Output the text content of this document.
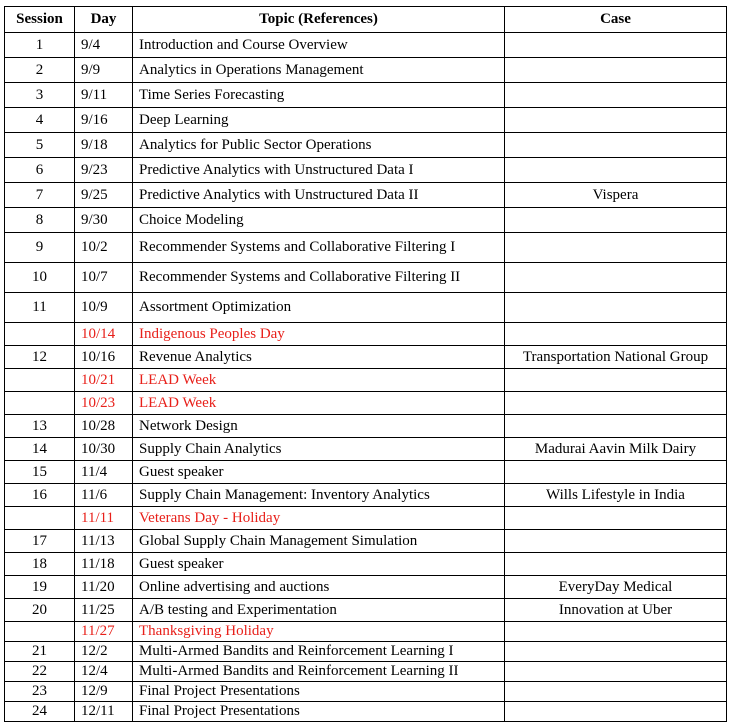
Session	Day	Topic (References)	Case
1	9/4	Introduction and Course Overview	
2	9/9	Analytics in Operations Management	
3	9/11	Time Series Forecasting	
4	9/16	Deep Learning	
5	9/18	Analytics for Public Sector Operations	
6	9/23	Predictive Analytics with Unstructured Data I	
7	9/25	Predictive Analytics with Unstructured Data II	Vispera
8	9/30	Choice Modeling	
9	10/2	Recommender Systems and Collaborative Filtering I	
10	10/7	Recommender Systems and Collaborative Filtering II	
11	10/9	Assortment Optimization	
	10/14	Indigenous Peoples Day	
12	10/16	Revenue Analytics	Transportation National Group
	10/21	LEAD Week	
	10/23	LEAD Week	
13	10/28	Network Design	
14	10/30	Supply Chain Analytics	Madurai Aavin Milk Dairy
15	11/4	Guest speaker	
16	11/6	Supply Chain Management: Inventory Analytics	Wills Lifestyle in India
	11/11	Veterans Day - Holiday	
17	11/13	Global Supply Chain Management Simulation	
18	11/18	Guest speaker	
19	11/20	Online advertising and auctions	EveryDay Medical
20	11/25	A/B testing and Experimentation	Innovation at Uber
	11/27	Thanksgiving Holiday	
21	12/2	Multi-Armed Bandits and Reinforcement Learning I	
22	12/4	Multi-Armed Bandits and Reinforcement Learning II	
23	12/9	Final Project Presentations	
24	12/11	Final Project Presentations	
